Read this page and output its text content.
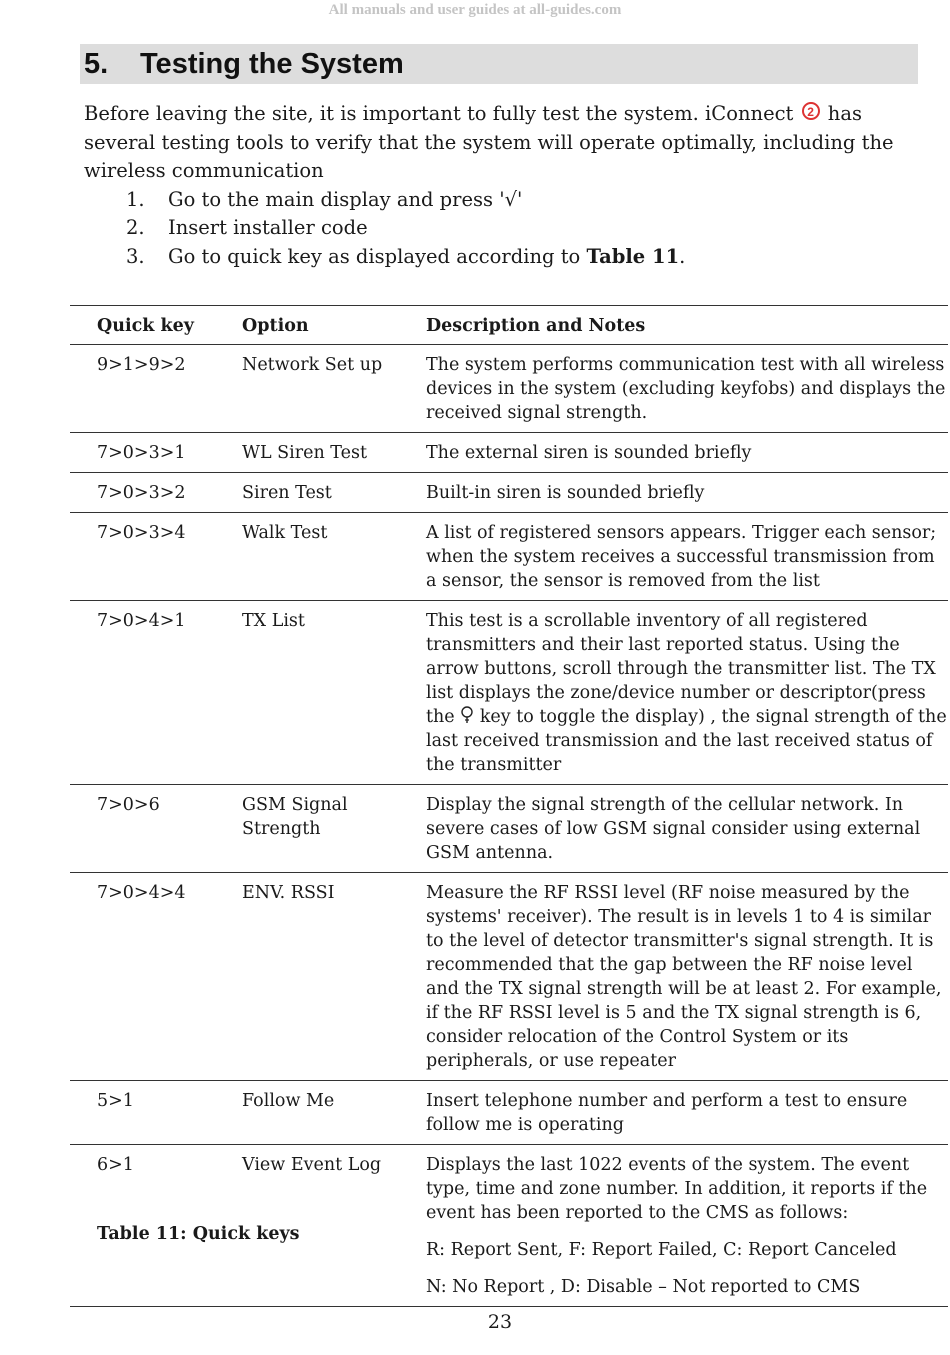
All manuals and user guides at all-guides.com
5.	Testing the System

Before leaving the site, it is important to fully test the system. iConnect 2 has several testing tools to verify that the system will operate optimally, including the wireless communication

1.	Go to the main display and press '√'
2.	Insert installer code
3.	Go to quick key as displayed according to Table 11.
Quick key	Option	Description and Notes
9>1>9>2	Network Set up	The system performs communication test with all wireless devices in the system (excluding keyfobs) and displays the received signal strength.
7>0>3>1	WL Siren Test	The external siren is sounded briefly
7>0>3>2	Siren Test	Built-in siren is sounded briefly
7>0>3>4	Walk Test	A list of registered sensors appears. Trigger each sensor; when the system receives a successful transmission from a sensor, the sensor is removed from the list
7>0>4>1	TX List	This test is a scrollable inventory of all registered transmitters and their last reported status. Using the arrow buttons, scroll through the transmitter list. The TX list displays the zone/device number or descriptor(press the key to toggle the display) , the signal strength of the last received transmission and the last received status of the transmitter
7>0>6	GSM Signal Strength	Display the signal strength of the cellular network. In severe cases of low GSM signal consider using external GSM antenna.
7>0>4>4	ENV. RSSI	Measure the RF RSSI level (RF noise measured by the systems' receiver). The result is in levels 1 to 4 is similar to the level of detector transmitter's signal strength. It is recommended that the gap between the RF noise level and the TX signal strength will be at least 2. For example, if the RF RSSI level is 5 and the TX signal strength is 6, consider relocation of the Control System or its peripherals, or use repeater
5>1	Follow Me	Insert telephone number and perform a test to ensure follow me is operating
6>1	View Event Log	Displays the last 1022 events of the system. The event type, time and zone number. In addition, it reports if the event has been reported to the CMS as follows:

R: Report Sent, F: Report Failed, C: Report Canceled

N: No Report , D: Disable – Not reported to CMS

Table 11: Quick keys
23
